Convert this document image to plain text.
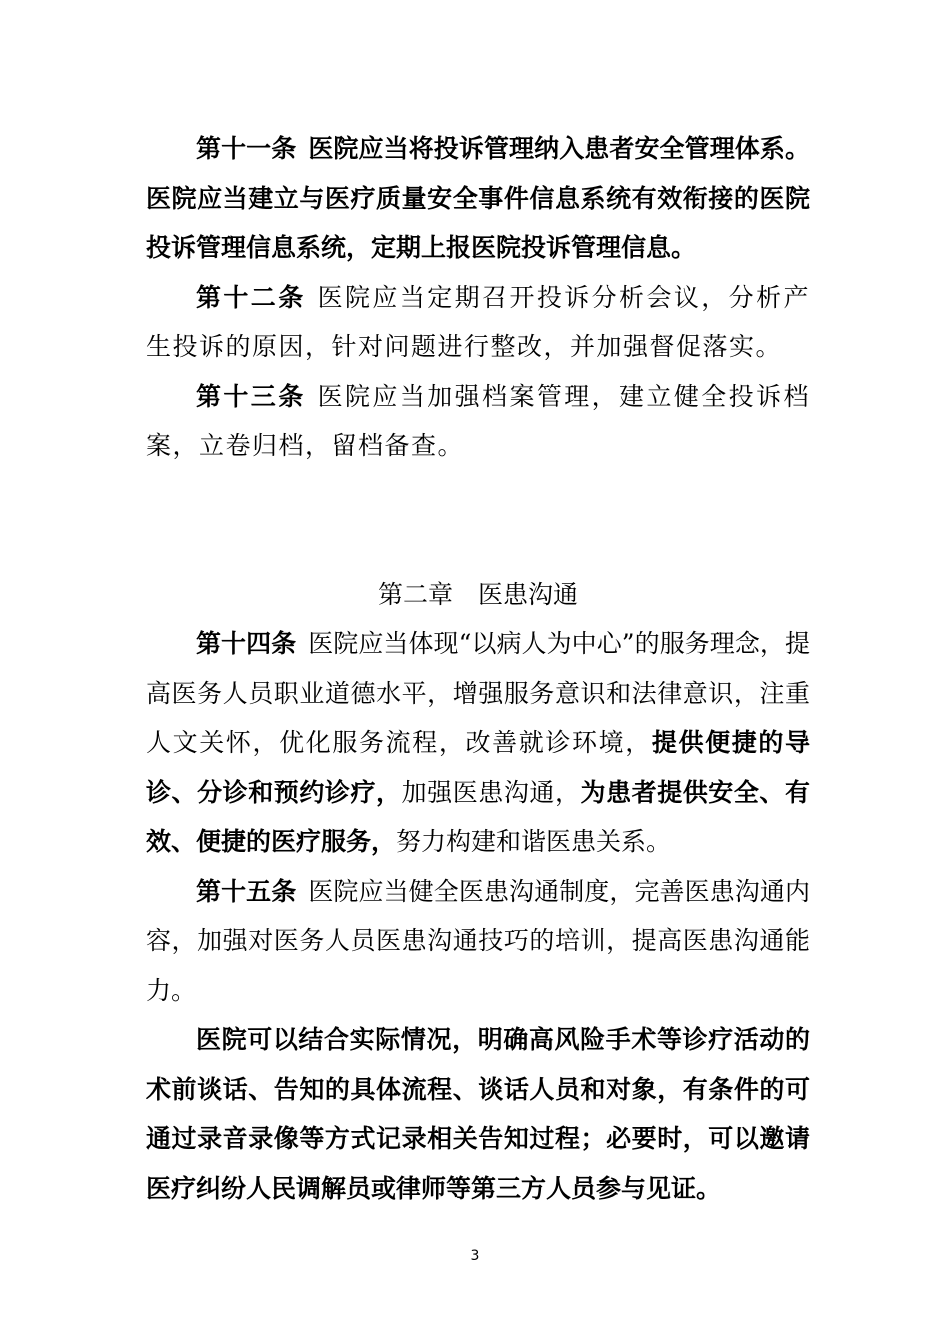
第十一条 医院应当将投诉管理纳入患者安全管理体系。医院应当建立与医疗质量安全事件信息系统有效衔接的医院投诉管理信息系统，定期上报医院投诉管理信息。

第十二条 医院应当定期召开投诉分析会议，分析产生投诉的原因，针对问题进行整改，并加强督促落实。

第十三条 医院应当加强档案管理，建立健全投诉档案，立卷归档，留档备查。

第二章　医患沟通

第十四条 医院应当体现“以病人为中心”的服务理念，提高医务人员职业道德水平，增强服务意识和法律意识，注重人文关怀，优化服务流程，改善就诊环境，提供便捷的导诊、分诊和预约诊疗，加强医患沟通，为患者提供安全、有效、便捷的医疗服务，努力构建和谐医患关系。

第十五条 医院应当健全医患沟通制度，完善医患沟通内容，加强对医务人员医患沟通技巧的培训，提高医患沟通能力。

医院可以结合实际情况，明确高风险手术等诊疗活动的术前谈话、告知的具体流程、谈话人员和对象，有条件的可通过录音录像等方式记录相关告知过程；必要时，可以邀请医疗纠纷人民调解员或律师等第三方人员参与见证。

3
